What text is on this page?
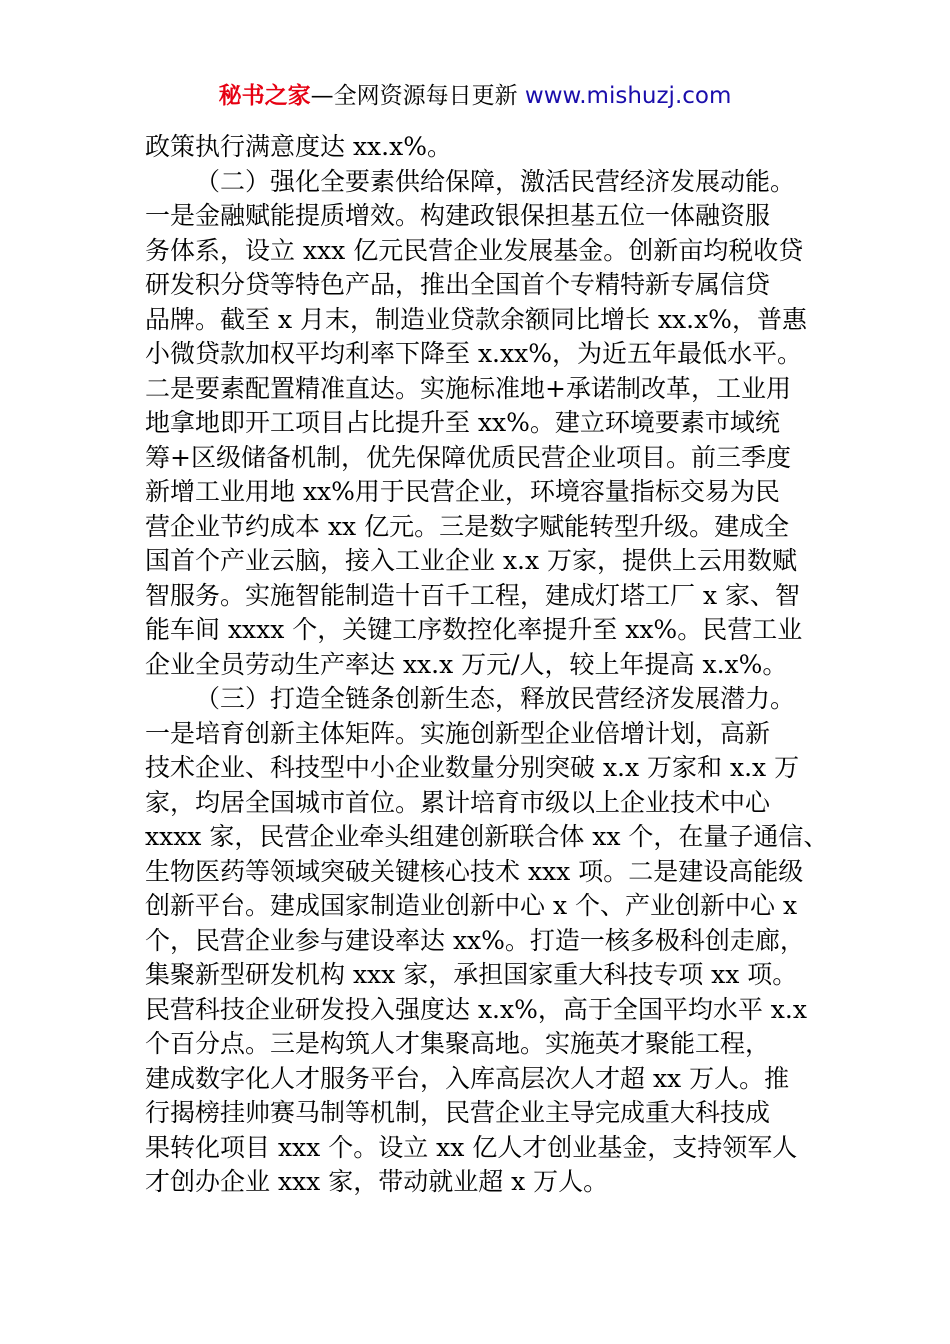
秘书之家—全网资源每日更新 www.mishuzj.com
政策执行满意度达 xx.x%。
（二）强化全要素供给保障，激活民营经济发展动能。
一是金融赋能提质增效。构建政银保担基五位一体融资服
务体系，设立 xxx 亿元民营企业发展基金。创新亩均税收贷
研发积分贷等特色产品，推出全国首个专精特新专属信贷
品牌。截至 x 月末，制造业贷款余额同比增长 xx.x%，普惠
小微贷款加权平均利率下降至 x.xx%，为近五年最低水平。
二是要素配置精准直达。实施标准地+承诺制改革，工业用
地拿地即开工项目占比提升至 xx%。建立环境要素市域统
筹+区级储备机制，优先保障优质民营企业项目。前三季度
新增工业用地 xx%用于民营企业，环境容量指标交易为民
营企业节约成本 xx 亿元。三是数字赋能转型升级。建成全
国首个产业云脑，接入工业企业 x.x 万家，提供上云用数赋
智服务。实施智能制造十百千工程，建成灯塔工厂 x 家、智
能车间 xxxx 个，关键工序数控化率提升至 xx%。民营工业
企业全员劳动生产率达 xx.x 万元/人，较上年提高 x.x%。
（三）打造全链条创新生态，释放民营经济发展潜力。
一是培育创新主体矩阵。实施创新型企业倍增计划，高新
技术企业、科技型中小企业数量分别突破 x.x 万家和 x.x 万
家，均居全国城市首位。累计培育市级以上企业技术中心
xxxx 家，民营企业牵头组建创新联合体 xx 个，在量子通信、
生物医药等领域突破关键核心技术 xxx 项。二是建设高能级
创新平台。建成国家制造业创新中心 x 个、产业创新中心 x
个，民营企业参与建设率达 xx%。打造一核多极科创走廊，
集聚新型研发机构 xxx 家，承担国家重大科技专项 xx 项。
民营科技企业研发投入强度达 x.x%，高于全国平均水平 x.x
个百分点。三是构筑人才集聚高地。实施英才聚能工程，
建成数字化人才服务平台，入库高层次人才超 xx 万人。推
行揭榜挂帅赛马制等机制，民营企业主导完成重大科技成
果转化项目 xxx 个。设立 xx 亿人才创业基金，支持领军人
才创办企业 xxx 家，带动就业超 x 万人。
